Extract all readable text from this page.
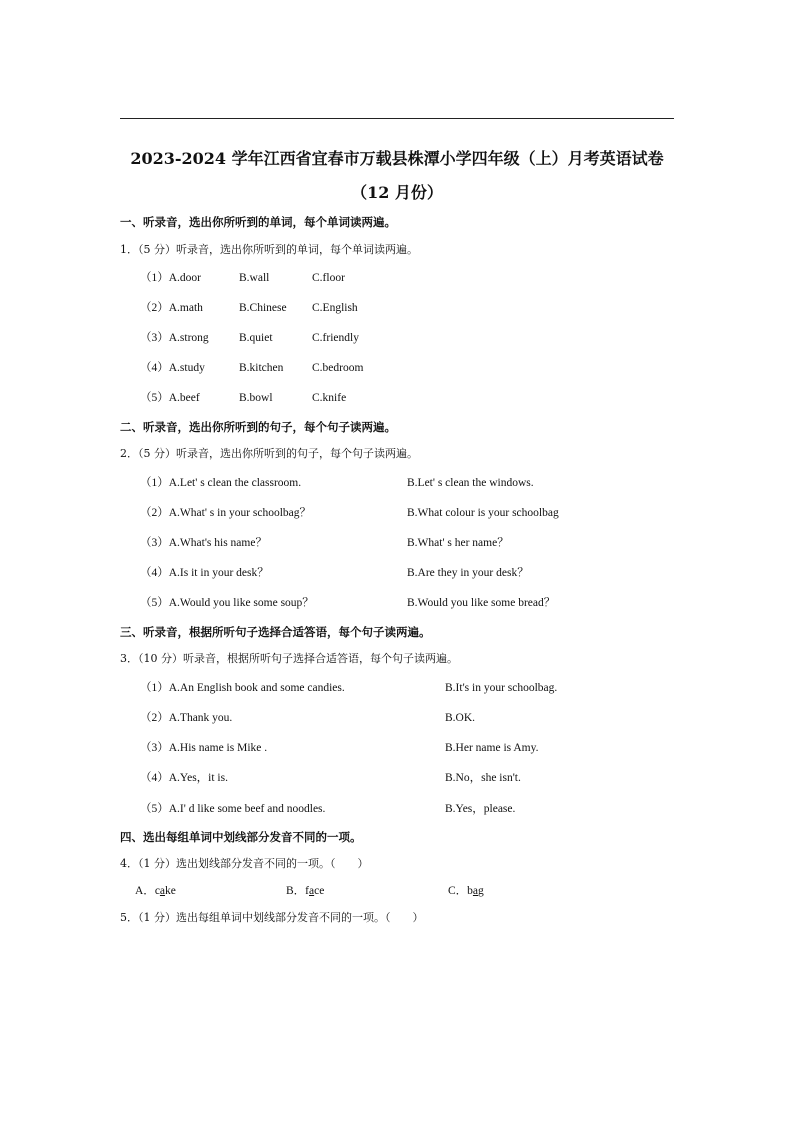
2023-2024 学年江西省宜春市万载县株潭小学四年级（上）月考英语试卷
（12 月份）
一、听录音，选出你所听到的单词，每个单词读两遍。
1．（5 分）听录音，选出你所听到的单词，每个单词读两遍。
（1）A.door	B.wall	C.floor
（2）A.math	B.Chinese C.English
（3）A.strong	B.quiet	C.friendly
（4）A.study	B.kitchen C.bedroom
（5）A.beef	B.bowl	C.knife
二、听录音，选出你所听到的句子，每个句子读两遍。
2．（5 分）听录音，选出你所听到的句子，每个句子读两遍。
（1）A.Let' s clean the classroom.	B.Let' s clean the windows.
（2）A.What' s in your schoolbag？	B.What colour is your schoolbag
（3）A.What's his name？	B.What' s her name？
（4）A.Is it in your desk？	B.Are they in your desk？
（5）A.Would you like some soup？	B.Would you like some bread？
三、听录音，根据所听句子选择合适答语，每个句子读两遍。
3．（10 分）听录音，根据所听句子选择合适答语，每个句子读两遍。
（1）A.An English book and some candies.	B.It's in your schoolbag.
（2）A.Thank you.	B.OK.
（3）A.His name is Mike .	B.Her name is Amy.
（4）A.Yes，it is.	B.No，she isn't.
（5）A.I' d like some beef and noodles.	B.Yes，please.
四、选出每组单词中划线部分发音不同的一项。
4．（1 分）选出划线部分发音不同的一项。（　　）
A．cake	B．face	C．bag
5．（1 分）选出每组单词中划线部分发音不同的一项。（　　）
